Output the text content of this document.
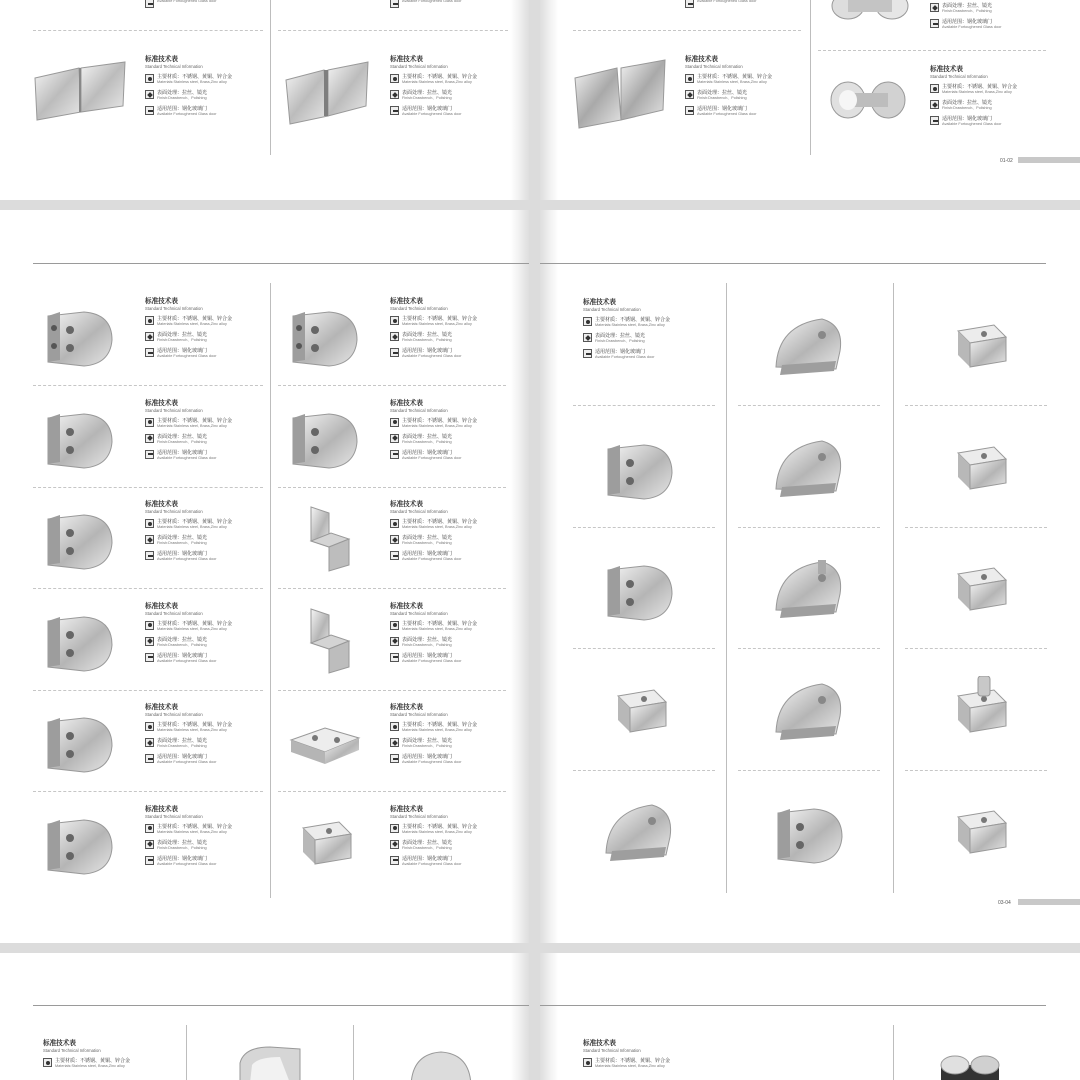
Available Fortoughened Glass door	Available Fortoughened Glass door
标准技术表
Standard Technical Information
主要材质：不锈钢、黄铜、锌合金
Materials:Stainless steel, Brass,Zinc alloy
表面处理：拉丝、镜光
Finish:Drawbench、Polishing
适用范围：钢化玻璃门
Available Fortoughened Glass door
标准技术表
Standard Technical Information
主要材质：不锈钢、黄铜、锌合金
Materials:Stainless steel, Brass,Zinc alloy
表面处理：拉丝、镜光
Finish:Drawbench、Polishing
适用范围：钢化玻璃门
Available Fortoughened Glass door
Available Fortoughened Glass door
表面处理：拉丝、镜光
Finish:Drawbench、Polishing
适用范围：钢化玻璃门
Available Fortoughened Glass door
标准技术表
Standard Technical Information
主要材质：不锈钢、黄铜、锌合金
Materials:Stainless steel, Brass,Zinc alloy
表面处理：拉丝、镜光
Finish:Drawbench、Polishing
适用范围：钢化玻璃门
Available Fortoughened Glass door
标准技术表
Standard Technical Information
主要材质：不锈钢、黄铜、锌合金
Materials:Stainless steel, Brass,Zinc alloy
表面处理：拉丝、镜光
Finish:Drawbench、Polishing
适用范围：钢化玻璃门
Available Fortoughened Glass door
01-02
标准技术表
Standard Technical Information
主要材质：不锈钢、黄铜、锌合金
Materials:Stainless steel, Brass,Zinc alloy
表面处理：拉丝、镜光
Finish:Drawbench、Polishing
适用范围：钢化玻璃门
Available Fortoughened Glass door
标准技术表
Standard Technical Information
主要材质：不锈钢、黄铜、锌合金
Materials:Stainless steel, Brass,Zinc alloy
表面处理：拉丝、镜光
Finish:Drawbench、Polishing
适用范围：钢化玻璃门
Available Fortoughened Glass door
标准技术表
Standard Technical Information
主要材质：不锈钢、黄铜、锌合金
Materials:Stainless steel, Brass,Zinc alloy
表面处理：拉丝、镜光
Finish:Drawbench、Polishing
适用范围：钢化玻璃门
Available Fortoughened Glass door
标准技术表
Standard Technical Information
主要材质：不锈钢、黄铜、锌合金
Materials:Stainless steel, Brass,Zinc alloy
表面处理：拉丝、镜光
Finish:Drawbench、Polishing
适用范围：钢化玻璃门
Available Fortoughened Glass door
标准技术表
Standard Technical Information
主要材质：不锈钢、黄铜、锌合金
Materials:Stainless steel, Brass,Zinc alloy
表面处理：拉丝、镜光
Finish:Drawbench、Polishing
适用范围：钢化玻璃门
Available Fortoughened Glass door
标准技术表
Standard Technical Information
主要材质：不锈钢、黄铜、锌合金
Materials:Stainless steel, Brass,Zinc alloy
表面处理：拉丝、镜光
Finish:Drawbench、Polishing
适用范围：钢化玻璃门
Available Fortoughened Glass door
标准技术表
Standard Technical Information
主要材质：不锈钢、黄铜、锌合金
Materials:Stainless steel, Brass,Zinc alloy
表面处理：拉丝、镜光
Finish:Drawbench、Polishing
适用范围：钢化玻璃门
Available Fortoughened Glass door
标准技术表
Standard Technical Information
主要材质：不锈钢、黄铜、锌合金
Materials:Stainless steel, Brass,Zinc alloy
表面处理：拉丝、镜光
Finish:Drawbench、Polishing
适用范围：钢化玻璃门
Available Fortoughened Glass door
标准技术表
Standard Technical Information
主要材质：不锈钢、黄铜、锌合金
Materials:Stainless steel, Brass,Zinc alloy
表面处理：拉丝、镜光
Finish:Drawbench、Polishing
适用范围：钢化玻璃门
Available Fortoughened Glass door
标准技术表
Standard Technical Information
主要材质：不锈钢、黄铜、锌合金
Materials:Stainless steel, Brass,Zinc alloy
表面处理：拉丝、镜光
Finish:Drawbench、Polishing
适用范围：钢化玻璃门
Available Fortoughened Glass door
标准技术表
Standard Technical Information
主要材质：不锈钢、黄铜、锌合金
Materials:Stainless steel, Brass,Zinc alloy
表面处理：拉丝、镜光
Finish:Drawbench、Polishing
适用范围：钢化玻璃门
Available Fortoughened Glass door
标准技术表
Standard Technical Information
主要材质：不锈钢、黄铜、锌合金
Materials:Stainless steel, Brass,Zinc alloy
表面处理：拉丝、镜光
Finish:Drawbench、Polishing
适用范围：钢化玻璃门
Available Fortoughened Glass door
标准技术表
Standard Technical Information
主要材质：不锈钢、黄铜、锌合金
Materials:Stainless steel, Brass,Zinc alloy
表面处理：拉丝、镜光
Finish:Drawbench、Polishing
适用范围：钢化玻璃门
Available Fortoughened Glass door
03-04
标准技术表
Standard Technical Information
主要材质：不锈钢、黄铜、锌合金
Materials:Stainless steel, Brass,Zinc alloy
标准技术表
Standard Technical Information
主要材质：不锈钢、黄铜、锌合金
Materials:Stainless steel, Brass,Zinc alloy
